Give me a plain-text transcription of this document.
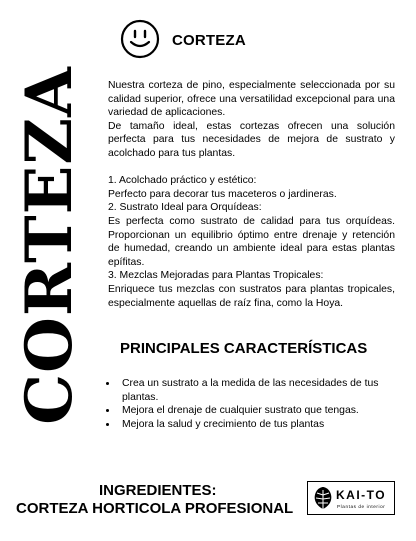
CORTEZA
CORTEZA	Nuestra corteza de pino, especialmente seleccionada por su calidad superior, ofrece una versatilidad excepcional para una variedad de aplicaciones.

De tamaño ideal, estas cortezas ofrecen una solución perfecta para tus necesidades de mejora de sustrato y acolchado para tus plantas.

1. Acolchado práctico y estético:

Perfecto para decorar tus maceteros o jardineras.

2. Sustrato Ideal para Orquídeas:

Es perfecta como sustrato de calidad para tus orquídeas. Proporcionan un equilibrio óptimo entre drenaje y retención de humedad, creando un ambiente ideal para estas plantas epífitas.

3. Mezclas Mejoradas para Plantas Tropicales:

Enriquece tus mezclas con sustratos para plantas tropicales, especialmente aquellas de raíz fina, como la Hoya.

PRINCIPALES CARACTERÍSTICAS
• Crea un sustrato a la medida de las necesidades de tus plantas.
• Mejora el drenaje de cualquier sustrato que tengas.
• Mejora la salud y crecimiento de tus plantas
INGREDIENTES:
CORTEZA HORTICOLA PROFESIONAL
KAI-TO
Plantas de interior
